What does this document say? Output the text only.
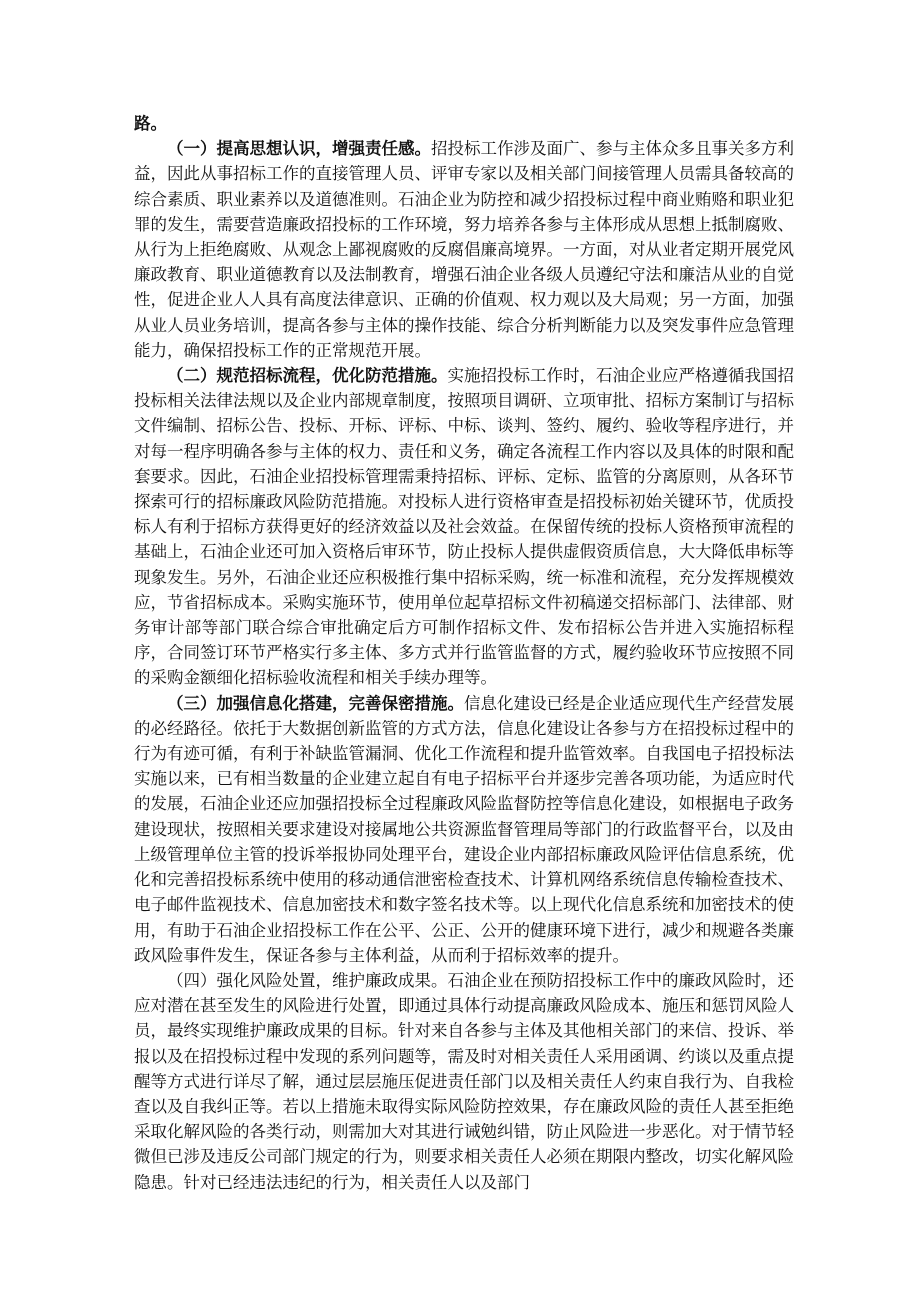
路。

（一）提高思想认识，增强责任感。招投标工作涉及面广、参与主体众多且事关多方利益，因此从事招标工作的直接管理人员、评审专家以及相关部门间接管理人员需具备较高的综合素质、职业素养以及道德准则。石油企业为防控和减少招投标过程中商业贿赂和职业犯罪的发生，需要营造廉政招投标的工作环境，努力培养各参与主体形成从思想上抵制腐败、从行为上拒绝腐败、从观念上鄙视腐败的反腐倡廉高境界。一方面，对从业者定期开展党风廉政教育、职业道德教育以及法制教育，增强石油企业各级人员遵纪守法和廉洁从业的自觉性，促进企业人人具有高度法律意识、正确的价值观、权力观以及大局观；另一方面，加强从业人员业务培训，提高各参与主体的操作技能、综合分析判断能力以及突发事件应急管理能力，确保招投标工作的正常规范开展。

（二）规范招标流程，优化防范措施。实施招投标工作时，石油企业应严格遵循我国招投标相关法律法规以及企业内部规章制度，按照项目调研、立项审批、招标方案制订与招标文件编制、招标公告、投标、开标、评标、中标、谈判、签约、履约、验收等程序进行，并对每一程序明确各参与主体的权力、责任和义务，确定各流程工作内容以及具体的时限和配套要求。因此，石油企业招投标管理需秉持招标、评标、定标、监管的分离原则，从各环节探索可行的招标廉政风险防范措施。对投标人进行资格审查是招投标初始关键环节，优质投标人有利于招标方获得更好的经济效益以及社会效益。在保留传统的投标人资格预审流程的基础上，石油企业还可加入资格后审环节，防止投标人提供虚假资质信息，大大降低串标等现象发生。另外，石油企业还应积极推行集中招标采购，统一标准和流程，充分发挥规模效应，节省招标成本。采购实施环节，使用单位起草招标文件初稿递交招标部门、法律部、财务审计部等部门联合综合审批确定后方可制作招标文件、发布招标公告并进入实施招标程序，合同签订环节严格实行多主体、多方式并行监管监督的方式，履约验收环节应按照不同的采购金额细化招标验收流程和相关手续办理等。

（三）加强信息化搭建，完善保密措施。信息化建设已经是企业适应现代生产经营发展的必经路径。依托于大数据创新监管的方式方法，信息化建设让各参与方在招投标过程中的行为有迹可循，有利于补缺监管漏洞、优化工作流程和提升监管效率。自我国电子招投标法实施以来，已有相当数量的企业建立起自有电子招标平台并逐步完善各项功能，为适应时代的发展，石油企业还应加强招投标全过程廉政风险监督防控等信息化建设，如根据电子政务建设现状，按照相关要求建设对接属地公共资源监督管理局等部门的行政监督平台，以及由上级管理单位主管的投诉举报协同处理平台，建设企业内部招标廉政风险评估信息系统，优化和完善招投标系统中使用的移动通信泄密检查技术、计算机网络系统信息传输检查技术、电子邮件监视技术、信息加密技术和数字签名技术等。以上现代化信息系统和加密技术的使用，有助于石油企业招投标工作在公平、公正、公开的健康环境下进行，减少和规避各类廉政风险事件发生，保证各参与主体利益，从而利于招标效率的提升。

（四）强化风险处置，维护廉政成果。石油企业在预防招投标工作中的廉政风险时，还应对潜在甚至发生的风险进行处置，即通过具体行动提高廉政风险成本、施压和惩罚风险人员，最终实现维护廉政成果的目标。针对来自各参与主体及其他相关部门的来信、投诉、举报以及在招投标过程中发现的系列问题等，需及时对相关责任人采用函调、约谈以及重点提醒等方式进行详尽了解，通过层层施压促进责任部门以及相关责任人约束自我行为、自我检查以及自我纠正等。若以上措施未取得实际风险防控效果，存在廉政风险的责任人甚至拒绝采取化解风险的各类行动，则需加大对其进行诫勉纠错，防止风险进一步恶化。对于情节轻微但已涉及违反公司部门规定的行为，则要求相关责任人必须在期限内整改，切实化解风险隐患。针对已经违法违纪的行为，相关责任人以及部门
